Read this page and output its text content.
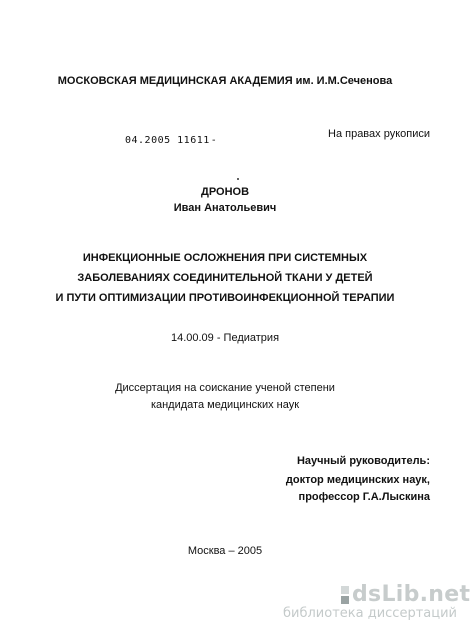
МОСКОВСКАЯ МЕДИЦИНСКАЯ АКАДЕМИЯ им. И.М.Сеченова
04.2005 11611-
На правах рукописи
ДРОНОВ
Иван Анатольевич
ИНФЕКЦИОННЫЕ ОСЛОЖНЕНИЯ ПРИ СИСТЕМНЫХ
ЗАБОЛЕВАНИЯХ СОЕДИНИТЕЛЬНОЙ ТКАНИ У ДЕТЕЙ
И ПУТИ ОПТИМИЗАЦИИ ПРОТИВОИНФЕКЦИОННОЙ ТЕРАПИИ
14.00.09 - Педиатрия
Диссертация на соискание ученой степени
кандидата медицинских наук
Научный руководитель:
доктор медицинских наук,
профессор Г.А.Лыскина
Москва – 2005
dsLib.net
библиотека диссертаций
